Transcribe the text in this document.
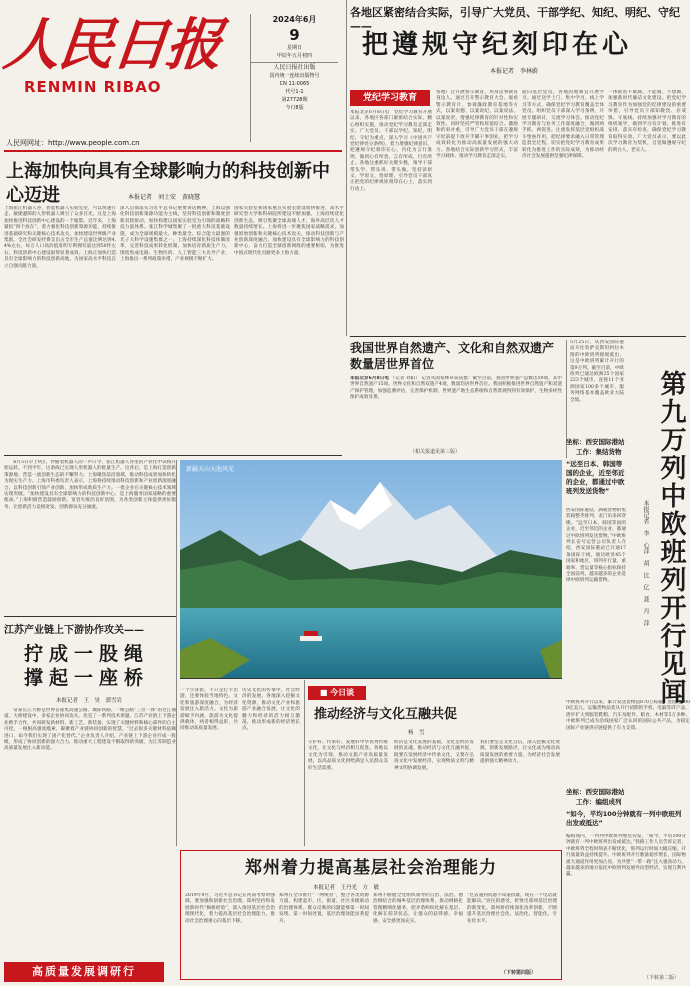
人民日报
RENMIN RIBAO
人民网网址：http://www.people.com.cn
2024年6月
9
星期日
甲辰年五月初四
人民日报社出版
国内统一连续出版物号
CN 11-0065
代号1-1
第27728期
今日8版
各地区紧密结合实际，引导广大党员、干部学纪、知纪、明纪、守纪——
把遵规守纪刻印在心
本报记者　李林蔚
党纪学习教育
本报北京6月8日电　党纪学习教育开展以来，各地区各部门紧密结合实际，精心组织实施，推动党纪学习教育走深走实。广大党员、干部以学纪、知纪、明纪、守纪为重点，深入学习《中国共产党纪律处分条例》，着力增强纪律意识，把遵规守纪刻印在心，内化为言行准则，做到心有所畏、言有所戒、行有所止。各地注重抓好关键少数，领导干部带头学、带头讲、带头做。坚持读原文、学原文、悟原理，引导党员干部真正把党的纪律规矩刻印在心上，落实到行动上。
各地广泛开展警示教育，用身边事教育身边人。通过召开警示教育大会、观看警示教育片、参观廉政教育基地等方式，以案说德、以案说纪、以案说法、以案说责，增强纪律教育的针对性和实效性。同时坚持严管和厚爱结合、激励和约束并重，引导广大党员干部在遵规守纪前提下放开手脚干事创业，把学习成效转化为推动高质量发展的强大动力。各地结合实际创新学习形式，丰富学习载体，推动学习教育走深走实。
面向基层党员，各地因地制宜开展学习。通过送学上门、集中学习、线上学习等方式，确保党纪学习教育覆盖全体党员。组织党员干部深入学习条例，开展专题研讨，交流学习体会。推动党纪学习教育与业务工作深度融合，做到两手抓、两促进。注重发挥基层党组织战斗堡垒作用，把纪律要求融入日常管理监督全过程，切实把党纪学习教育成果转化为推进工作的实际成效，为推动经济社会发展提供坚强纪律保障。
一体推进不敢腐、不能腐、不想腐，加强新时代廉洁文化建设。把党纪学习教育作为加强党的纪律建设的重要举措，引导党员干部知敬畏、存戒惧、守底线。持续加强对学习教育的组织领导，做到学习有计划、推进有安排、落实有检查，确保党纪学习教育取得实效。广大党员表示，要以此次学习教育为契机，自觉做遵规守纪的明白人、老实人。
上海加快向具有全球影响力的科技创新中心迈进	本报记者　刘士安　黄晓慧
上海张江机器人谷，智能机器人实验室里，可以快速行走、敏捷避障的人形机器人吸引了众多目光。这是上海加快推进科技创新中心建设的一个缩影。近年来，上海紧扣“四个放在”，着力强化科技创新策源功能，持续推进基础研究和关键核心技术攻关，加快建设世界级产业集群。全社会研发经费支出占全市生产总值比例达到4.4%左右，每万人口高价值发明专利拥有量达到50件左右，科技创新中心建设取得显著成效。上海正加快打造具有全球影响力的科技创新高地，为国家高水平科技自立自强贡献力量。
深入贯彻落实习近平总书记重要讲话精神，上海以强化科技创新策源功能为主线，坚持科技创新和制度创新双轮驱动，加快构建以国家实验室为引领的战略科技力量体系。张江科学城集聚了一批重大科技基础设施，成为全球规模最大、种类最全、综合能力最强的光子大科学设施集群之一。上海持续深化科技体制改革，完善科技成果转化机制，加快培育新质生产力。围绕集成电路、生物医药、人工智能三大先导产业，上海推出一系列政策举措，产业规模不断扩大。
国家实验室和国家重点实验室建设加快推进，高水平研究型大学和科研院所建设不断加强。上海持续优化创新生态，吸引集聚全球高端人才，海外高层次人才数量持续增长。上海将进一步聚焦国家战略需求，加强原始创新和关键核心技术攻关，推动科技创新与产业创新深度融合，加快建设具有全球影响力的科技创新中心，奋力打造全球创新网络的重要枢纽，为推进中国式现代化贡献更多上海力量。
我国世界自然遗产、文化和自然双遗产数量居世界首位
本报北京6月8日电 （记者 刘阳） 记者从国家林草局获悉：截至目前，我国世界遗产总数达59项，其中世界自然遗产15项、世界文化和自然双遗产4项，数量均居世界首位。我国积极推进世界自然遗产和双遗产保护管理，加强监测评估，完善保护机制，世界遗产地生态系统和自然景观得到有效保护，生物多样性保护成效显著。
（相关报道见第三版）
5月25日，从西安国际港站开往哈萨克斯坦阿拉木图的中欧班列缓缓驶出，这是中欧班列累计开行的第9万列。截至目前，中欧班列已通达欧洲25个国家223个城市，连接11个亚洲国家100多个城市，服务网络基本覆盖欧亚大陆全境。	第九万列中欧班列开行见闻
本报记者　李　心萍　胡　比　亿　聂　丹　萍
坐标：西安国际港站
工作：集结货物
“远至日本、韩国等国的企业，近至邻近的企业，都通过中欧班列发送货物”
西安国际港站，满载货物的集装箱整齐排列，龙门吊来回穿梭。“远至日本、韩国等国的企业，近至邻近的企业，都通过中欧班列发送货物。”中欧班列长安号运营公司负责人介绍，西安国际港站已开通17条国际干线，通达欧亚45个国家和地区，班列开行量、重箱率、货运量等核心指标保持全国前列。越来越多的企业选择中欧班列运输货物。
中欧班列开行以来，累计发送货物超870万标箱，货值超3800亿美元。运输货物品类从开行初期的手机、电脑等IT产品，逐步扩大到服装鞋帽、汽车及配件、粮食、木材等5万多种。中欧班列已成为沿线国家广泛认同的国际公共产品，为稳定国际产业链供应链提供了有力支撑。
坐标：西安国际港站
工作：编组成列
“如今，平均100分钟就有一列中欧班列出发或抵达”
编组场内，一列列中欧班列整装待发。“如今，平均100分钟就有一列中欧班列出发或抵达。”铁路工作人员告诉记者，中欧班列全程时刻表不断优化，班列运行时间大幅压缩，开行质量效益持续提升。中欧班列开行数量稳步增长，国际物流大通道作用更加凸显，为共建“一带一路”注入强劲动力。越来越多的地方依托中欧班列发展外向型经济，实现互利共赢。
（下转第二版）
　　6月5日早上9点，伴随着机器人的一声口令，张江机器人谷里的产业化中试线开始运转。不到半年，这条线已实现人形机器人的批量生产。这背后，是上海打造创新策源地、营造一流创新生态的不懈努力。上海聚焦前沿领域，推动科技成果加快转化为现实生产力。上海市科委负责人表示，上海将持续推动科技创新和产业创新深度融合，以科技创新引领产业创新，加快形成新质生产力。一批企业在关键核心技术领域实现突破。“加快建设具有全球影响力的科技创新中心，是上海服务国家战略的重要使命。”上海积极营造鼓励创新、宽容失败的良好氛围，为各类创新主体提供更好服务，让创新活力竞相迸发、创新源泉充分涌流。
新疆天山天池风光
江苏产业链上下游协作攻关——
拧成一股绳
撑起一座桥
本报记者　王　昊　郭雪岩
　　常泰长江大桥是世界首座集高速公路、城际铁路、一级公路“三位一体”的过江通道。大桥建设中，多家企业协同攻关，攻克了一系列技术难题。江苏产业链上下游企业携手合作，共同研发新材料、新工艺、新装备，实现了关键材料和核心部件的自主可控。一根根高强度缆索，凝聚着产业链协同创新的智慧。“过去很多关键材料依赖进口，如今我们实现了国产化替代。”企业负责人介绍，产业链上下游企业拧成一股绳，形成了协同创新的强大合力，推动重大工程建设不断取得新突破，为江苏制造业高质量发展注入新动能。
一个小身影，不只是打卡出游，还要体验当地特色。文化和旅游深度融合，为经济发展注入新活力。文化为旅游赋予内涵，旅游为文化提供载体，两者相得益彰，共同推动高质量发展。
历史文化的传承中，社会经济的发展。各地深入挖掘文化资源，推动文化产业和旅游产业融合发展，让文化的魅力和经济的活力相互激荡，推动形成新的经济增长点。
■ 今日谈
推动经济与文化互融共促
杨　雪
守护好、传承好、发展好中华优秀传统文化，让文化与经济相互促进。各地以文化为引领，推动文旅产业高质量发展，以高品质文化供给满足人民群众美好生活需要。
经济是文化发展的基础，文化是经济发展的灵魂。推动经济与文化互融共促，既要在发展经济中传承文化，又要在弘扬文化中发展经济，实现物质文明与精神文明协调发展。
我们要坚定文化自信，深入挖掘文化资源，创新发展路径，让文化成为推动高质量发展的重要力量，为经济社会发展提供强大精神动力。
郑州着力提高基层社会治理能力
本报记者　王丹光　方　敏
2019年9月，习近平总书记在河南考察时强调，要加强和创新社会治理。郑州坚持和发展新时代“枫桥经验”，深入推进基层社会治理现代化，着力提高基层社会治理能力，推动社会治理重心向基层下移。
郑州在全市推行“一网统管”，整合各类资源力量，构建起市、区、街道、社区多级联动的治理体系。群众反映的问题能够第一时间发现、第一时间处置，基层治理效能显著提升。
郑州不断健全党组织领导的自治、法治、德治相结合的城乡基层治理体系，推动网格化管理精细化服务，把矛盾纠纷化解在基层、化解在萌芽状态，让群众的获得感、幸福感、安全感更加充实。
“过去遇到问题不知道找谁，现在一个电话就能解决。”居民的感受，折射出郑州基层治理的新变化。郑州将持续深化改革创新，不断提升基层治理社会化、法治化、智能化、专业化水平。
（下转第四版）
高质量发展调研行
